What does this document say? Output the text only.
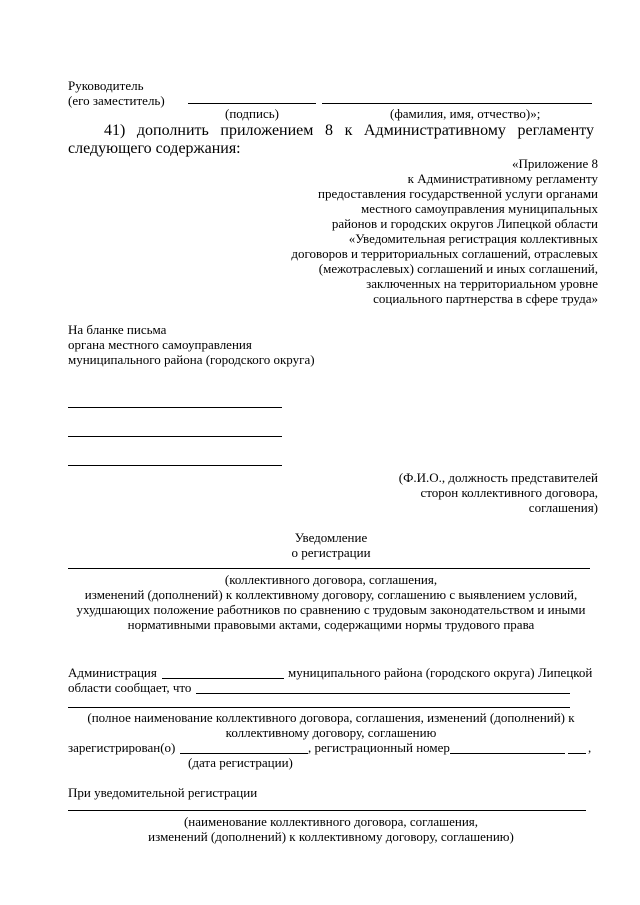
Руководитель
(его заместитель)
(подпись)	(фамилия, имя, отчество)»;
41) дополнить приложением 8 к Административному регламенту
следующего содержания:
«Приложение 8
к Административному регламенту
предоставления государственной услуги органами
местного самоуправления муниципальных
районов и городских округов Липецкой области
«Уведомительная регистрация коллективных
договоров и территориальных соглашений, отраслевых
(межотраслевых) соглашений и иных соглашений,
заключенных на территориальном уровне
социального партнерства в сфере труда»
На бланке письма
органа местного самоуправления
муниципального района (городского округа)
(Ф.И.О., должность представителей
сторон коллективного договора,
соглашения)
Уведомление
о регистрации
(коллективного договора, соглашения,
изменений (дополнений) к коллективному договору, соглашению с выявлением условий,
ухудшающих положение работников по сравнению с трудовым законодательством и иными
нормативными правовыми актами, содержащими нормы трудового права
Администрация	муниципального района (городского округа) Липецкой
области сообщает, что
(полное наименование коллективного договора, соглашения, изменений (дополнений) к
коллективному договору, соглашению
зарегистрирован(о)	, регистрационный номер	,
(дата регистрации)
При уведомительной регистрации
(наименование коллективного договора, соглашения,
изменений (дополнений) к коллективному договору, соглашению)
